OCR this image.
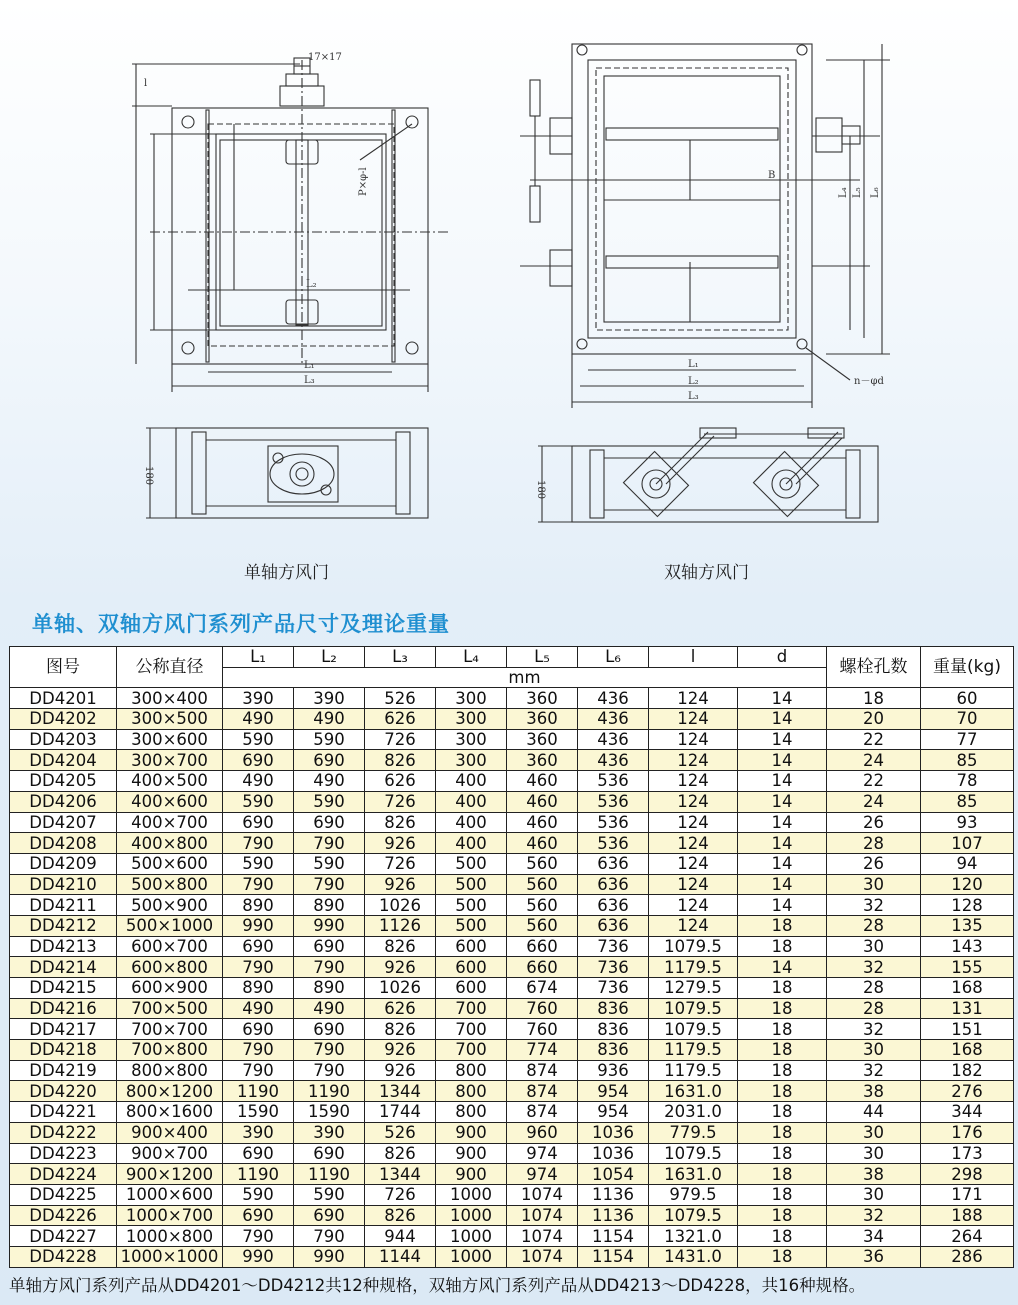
17×17
l
L₁
L₃
L₂
P×φ-l
180
B
L₁
L₂
L₃
L₄ L₅ L₆
n－φd
180
单轴方风门	双轴方风门
单轴、双轴方风门系列产品尺寸及理论重量
图号	公称直径	L₁	L₂	L₃	L₄	L₅	L₆	l	d	螺栓孔数	重量(kg)
		mm									
DD4201	300×400	390	390	526	300	360	436	124	14	18	60
DD4202	300×500	490	490	626	300	360	436	124	14	20	70
DD4203	300×600	590	590	726	300	360	436	124	14	22	77
DD4204	300×700	690	690	826	300	360	436	124	14	24	85
DD4205	400×500	490	490	626	400	460	536	124	14	22	78
DD4206	400×600	590	590	726	400	460	536	124	14	24	85
DD4207	400×700	690	690	826	400	460	536	124	14	26	93
DD4208	400×800	790	790	926	400	460	536	124	14	28	107
DD4209	500×600	590	590	726	500	560	636	124	14	26	94
DD4210	500×800	790	790	926	500	560	636	124	14	30	120
DD4211	500×900	890	890	1026	500	560	636	124	14	32	128
DD4212	500×1000	990	990	1126	500	560	636	124	18	28	135
DD4213	600×700	690	690	826	600	660	736	1079.5	18	30	143
DD4214	600×800	790	790	926	600	660	736	1179.5	14	32	155
DD4215	600×900	890	890	1026	600	674	736	1279.5	18	28	168
DD4216	700×500	490	490	626	700	760	836	1079.5	18	28	131
DD4217	700×700	690	690	826	700	760	836	1079.5	18	32	151
DD4218	700×800	790	790	926	700	774	836	1179.5	18	30	168
DD4219	800×800	790	790	926	800	874	936	1179.5	18	32	182
DD4220	800×1200	1190	1190	1344	800	874	954	1631.0	18	38	276
DD4221	800×1600	1590	1590	1744	800	874	954	2031.0	18	44	344
DD4222	900×400	390	390	526	900	960	1036	779.5	18	30	176
DD4223	900×700	690	690	826	900	974	1036	1079.5	18	30	173
DD4224	900×1200	1190	1190	1344	900	974	1054	1631.0	18	38	298
DD4225	1000×600	590	590	726	1000	1074	1136	979.5	18	30	171
DD4226	1000×700	690	690	826	1000	1074	1136	1079.5	18	32	188
DD4227	1000×800	790	790	944	1000	1074	1154	1321.0	18	34	264
DD4228	1000×1000	990	990	1144	1000	1074	1154	1431.0	18	36	286
单轴方风门系列产品从DD4201～DD4212共12种规格，双轴方风门系列产品从DD4213～DD4228，共16种规格。
